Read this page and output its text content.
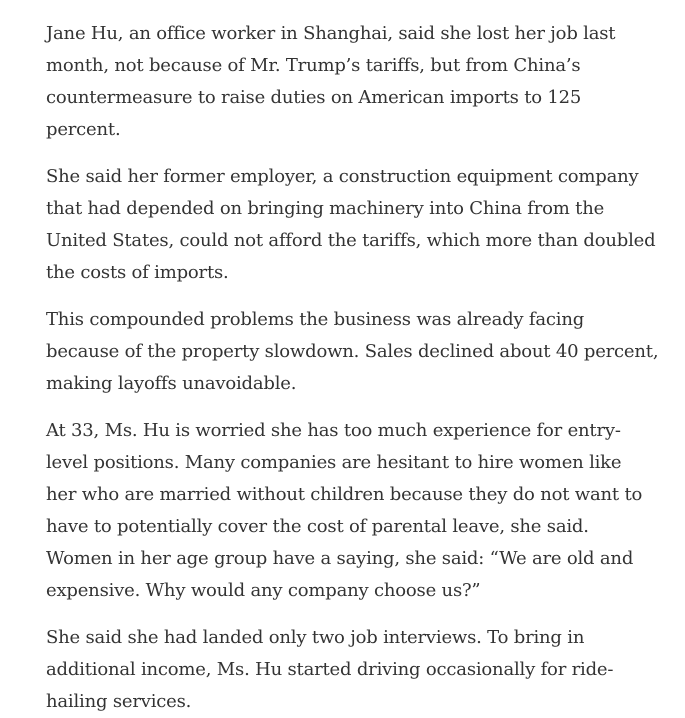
Jane Hu, an office worker in Shanghai, said she lost her job last
month, not because of Mr. Trump’s tariffs, but from China’s
countermeasure to raise duties on American imports to 125
percent.

She said her former employer, a construction equipment company
that had depended on bringing machinery into China from the
United States, could not afford the tariffs, which more than doubled
the costs of imports.

This compounded problems the business was already facing
because of the property slowdown. Sales declined about 40 percent,
making layoffs unavoidable.

At 33, Ms. Hu is worried she has too much experience for entry-
level positions. Many companies are hesitant to hire women like
her who are married without children because they do not want to
have to potentially cover the cost of parental leave, she said.
Women in her age group have a saying, she said: “We are old and
expensive. Why would any company choose us?”

She said she had landed only two job interviews. To bring in
additional income, Ms. Hu started driving occasionally for ride-
hailing services.
